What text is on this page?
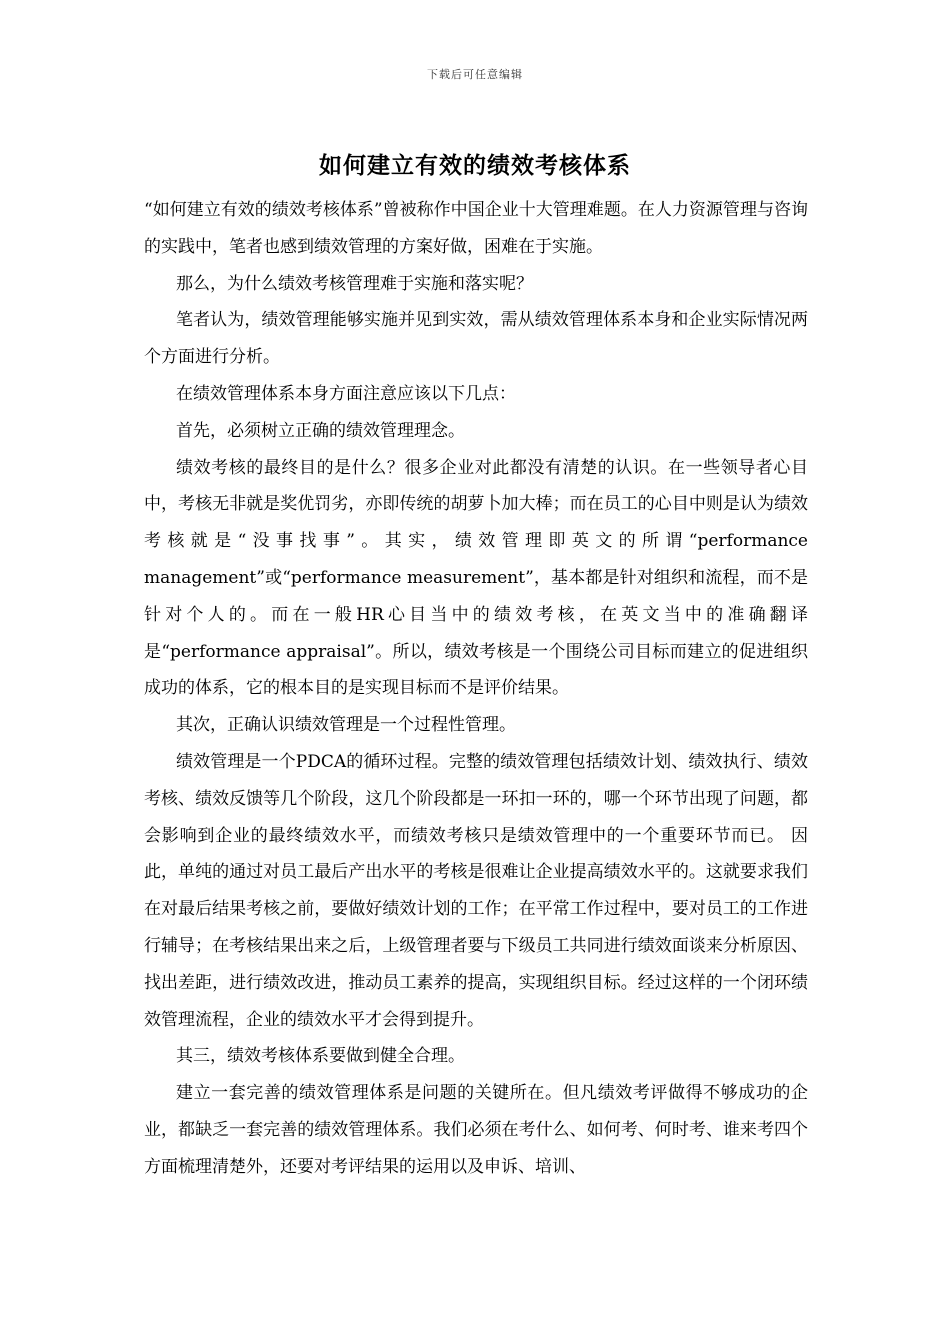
下载后可任意编辑
如何建立有效的绩效考核体系

“如何建立有效的绩效考核体系”曾被称作中国企业十大管理难题。在人力资源管理与咨询的实践中，笔者也感到绩效管理的方案好做，困难在于实施。

那么，为什么绩效考核管理难于实施和落实呢？

笔者认为，绩效管理能够实施并见到实效，需从绩效管理体系本身和企业实际情况两个方面进行分析。

在绩效管理体系本身方面注意应该以下几点：

首先，必须树立正确的绩效管理理念。

绩效考核的最终目的是什么？很多企业对此都没有清楚的认识。在一些领导者心目中，考核无非就是奖优罚劣，亦即传统的胡萝卜加大棒；而在员工的心目中则是认为绩效考核就是“没事找事”。其实，绩效管理即英文的所谓“performance management”或“performance measurement”，基本都是针对组织和流程，而不是针对个人的。而在一般HR心目当中的绩效考核，在英文当中的准确翻译是“performance appraisal”。所以，绩效考核是一个围绕公司目标而建立的促进组织成功的体系，它的根本目的是实现目标而不是评价结果。

其次，正确认识绩效管理是一个过程性管理。

绩效管理是一个PDCA的循环过程。完整的绩效管理包括绩效计划、绩效执行、绩效考核、绩效反馈等几个阶段，这几个阶段都是一环扣一环的，哪一个环节出现了问题，都会影响到企业的最终绩效水平，而绩效考核只是绩效管理中的一个重要环节而已。 因此，单纯的通过对员工最后产出水平的考核是很难让企业提高绩效水平的。这就要求我们在对最后结果考核之前，要做好绩效计划的工作；在平常工作过程中，要对员工的工作进行辅导；在考核结果出来之后，上级管理者要与下级员工共同进行绩效面谈来分析原因、找出差距，进行绩效改进，推动员工素养的提高，实现组织目标。经过这样的一个闭环绩效管理流程，企业的绩效水平才会得到提升。

其三，绩效考核体系要做到健全合理。

建立一套完善的绩效管理体系是问题的关键所在。但凡绩效考评做得不够成功的企业，都缺乏一套完善的绩效管理体系。我们必须在考什么、如何考、何时考、谁来考四个方面梳理清楚外，还要对考评结果的运用以及申诉、培训、
